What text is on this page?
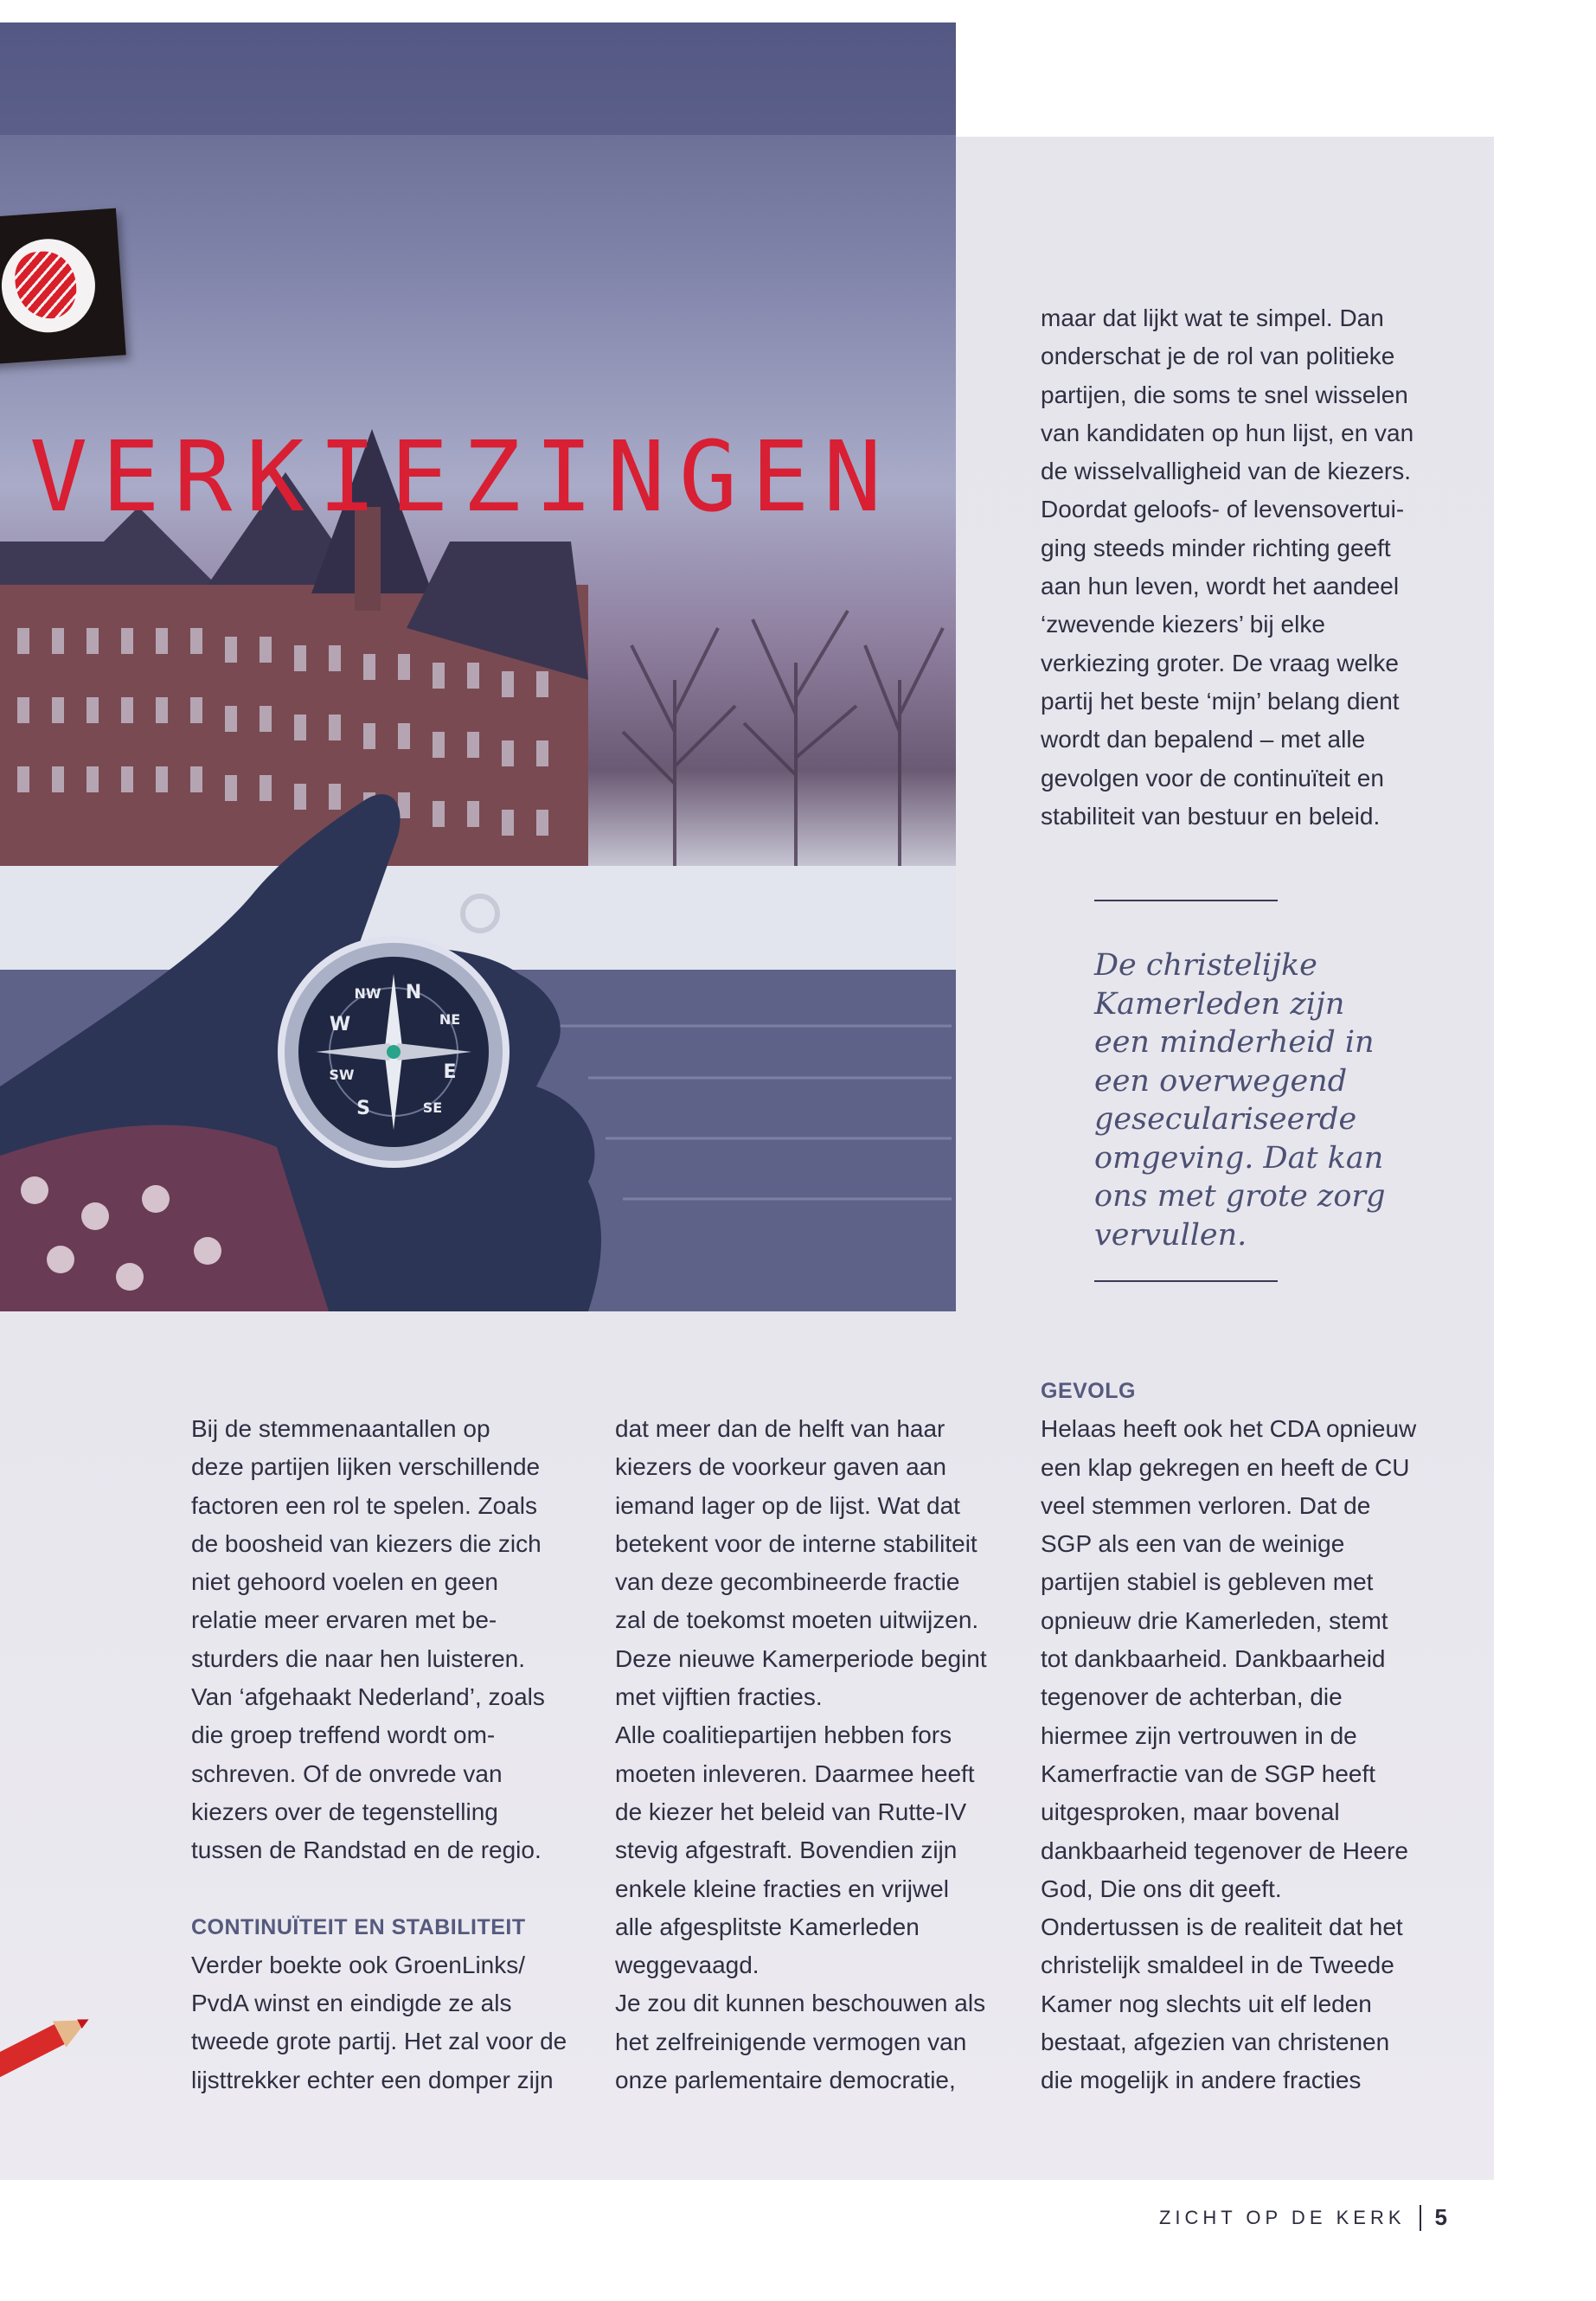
N
NE
E
SE
S
SW
W
NW
VERKIEZINGEN

maar dat lijkt wat te simpel. Dan

onderschat je de rol van politieke

partijen, die soms te snel wisselen

van kandidaten op hun lijst, en van

de wisselvalligheid van de kiezers.

Doordat geloofs- of levensovertui-

ging steeds minder richting geeft

aan hun leven, wordt het aandeel

‘zwevende kiezers’ bij elke

verkiezing groter. De vraag welke

partij het beste ‘mijn’ belang dient

wordt dan bepalend – met alle

gevolgen voor de continuïteit en

stabiliteit van bestuur en beleid.

De christelijke

Kamerleden zijn

een minderheid in

een overwegend

geseculariseerde

omgeving. Dat kan

ons met grote zorg

vervullen.

Bij de stemmenaantallen op

deze partijen lijken verschillende

factoren een rol te spelen. Zoals

de boosheid van kiezers die zich

niet gehoord voelen en geen

relatie meer ervaren met be-

sturders die naar hen luisteren.

Van ‘afgehaakt Nederland’, zoals

die groep treffend wordt om-

schreven. Of de onvrede van

kiezers over de tegenstelling

tussen de Randstad en de regio.

CONTINUÏTEIT EN STABILITEIT

Verder boekte ook GroenLinks/

PvdA winst en eindigde ze als

tweede grote partij. Het zal voor de

lijsttrekker echter een domper zijn

dat meer dan de helft van haar

kiezers de voorkeur gaven aan

iemand lager op de lijst. Wat dat

betekent voor de interne stabiliteit

van deze gecombineerde fractie

zal de toekomst moeten uitwijzen.

Deze nieuwe Kamerperiode begint

met vijftien fracties.

Alle coalitiepartijen hebben fors

moeten inleveren. Daarmee heeft

de kiezer het beleid van Rutte-IV

stevig afgestraft. Bovendien zijn

enkele kleine fracties en vrijwel

alle afgesplitste Kamerleden

weggevaagd.

Je zou dit kunnen beschouwen als

het zelfreinigende vermogen van

onze parlementaire democratie,

GEVOLG

Helaas heeft ook het CDA opnieuw

een klap gekregen en heeft de CU

veel stemmen verloren. Dat de

SGP als een van de weinige

partijen stabiel is gebleven met

opnieuw drie Kamerleden, stemt

tot dankbaarheid. Dankbaarheid

tegenover de achterban, die

hiermee zijn vertrouwen in de

Kamerfractie van de SGP heeft

uitgesproken, maar bovenal

dankbaarheid tegenover de Heere

God, Die ons dit geeft.

Ondertussen is de realiteit dat het

christelijk smaldeel in de Tweede

Kamer nog slechts uit elf leden

bestaat, afgezien van christenen

die mogelijk in andere fracties

ZICHT OP DE KERK 5
